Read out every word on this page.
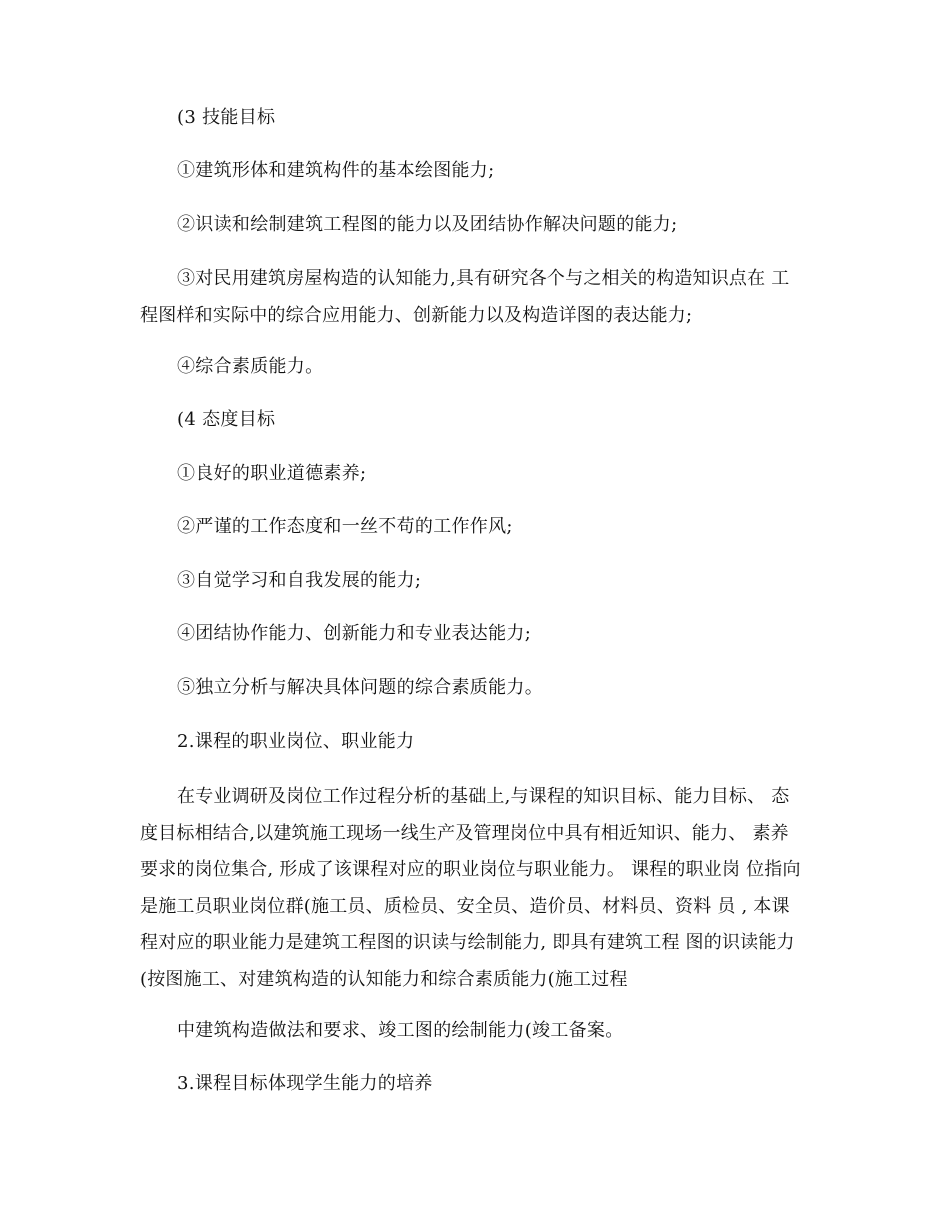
(3 技能目标
①建筑形体和建筑构件的基本绘图能力;
②识读和绘制建筑工程图的能力以及团结协作解决问题的能力;
③对民用建筑房屋构造的认知能力,具有研究各个与之相关的构造知识点在 工
程图样和实际中的综合应用能力、创新能力以及构造详图的表达能力;
④综合素质能力。
(4 态度目标
①良好的职业道德素养;
②严谨的工作态度和一丝不苟的工作作风;
③自觉学习和自我发展的能力;
④团结协作能力、创新能力和专业表达能力;
⑤独立分析与解决具体问题的综合素质能力。
2.课程的职业岗位、职业能力
在专业调研及岗位工作过程分析的基础上,与课程的知识目标、能力目标、 态
度目标相结合,以建筑施工现场一线生产及管理岗位中具有相近知识、能力、 素养
要求的岗位集合, 形成了该课程对应的职业岗位与职业能力。 课程的职业岗 位指向
是施工员职业岗位群(施工员、质检员、安全员、造价员、材料员、资料 员 , 本课
程对应的职业能力是建筑工程图的识读与绘制能力, 即具有建筑工程 图的识读能力
(按图施工、对建筑构造的认知能力和综合素质能力(施工过程
中建筑构造做法和要求、竣工图的绘制能力(竣工备案。
3.课程目标体现学生能力的培养
